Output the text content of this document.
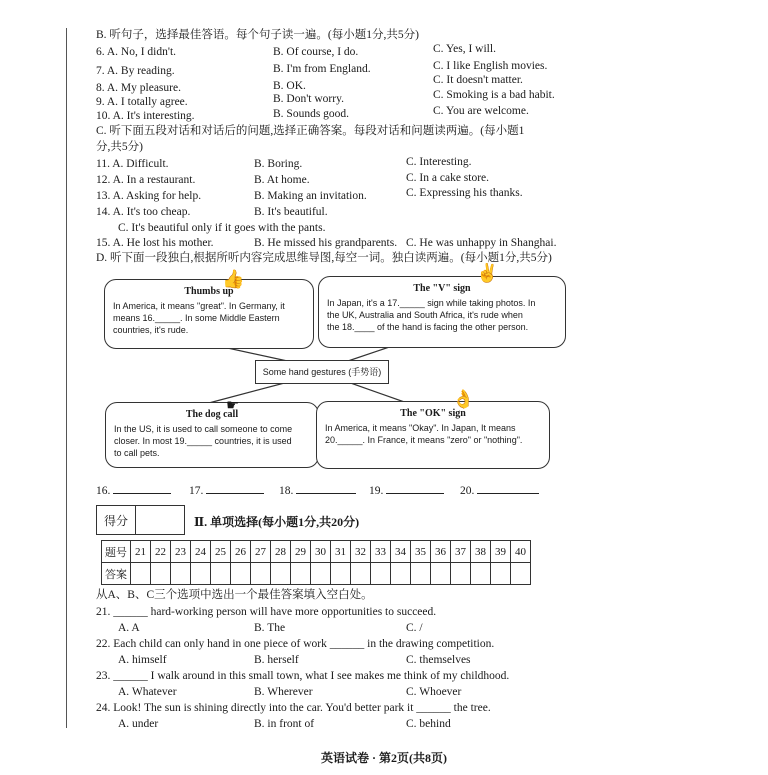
B. 听句子，选择最佳答语。每个句子读一遍。(每小题1分,共5分)
6. A. No, I didn't.	B. Of course, I do.	C. Yes, I will.
7. A. By reading.	B. I'm from England.	C. I like English movies.
8. A. My pleasure.	B. OK.	C. It doesn't matter.
9. A. I totally agree.	B. Don't worry.	C. Smoking is a bad habit.
10. A. It's interesting.	B. Sounds good.	C. You are welcome.
C. 听下面五段对话和对话后的问题,选择正确答案。每段对话和问题读两遍。(每小题1
分,共5分)
11. A. Difficult.	B. Boring.	C. Interesting.
12. A. In a restaurant.	B. At home.	C. In a cake store.
13. A. Asking for help.	B. Making an invitation.	C. Expressing his thanks.
14. A. It's too cheap.	B. It's beautiful.
C. It's beautiful only if it goes with the pants.
15. A. He lost his mother.	B. He missed his grandparents. C. He was unhappy in Shanghai.
D. 听下面一段独白,根据所听内容完成思维导图,每空一词。独白读两遍。(每小题1分,共5分)
Thumbs up
In America, it means "great". In Germany, it
means 16._____. In some Middle Eastern
countries, it's rude.
👍	The "V" sign
In Japan, it's a 17._____ sign while taking photos. In
the UK, Australia and South Africa, it's rude when
the 18.____ of the hand is facing the other person.
✌
Some hand gestures (手势语)
The dog call
In the US, it is used to call someone to come
closer. In most 19._____ countries, it is used
to call pets.
☛	The "OK" sign
In America, it means "Okay". In Japan, It means
20._____. In France, it means "zero" or "nothing".
👌
16.	17.	18.	19.	20.
得分		Ⅱ. 单项选择(每小题1分,共20分)
题号	21	22	23	24	25	26	27	28	29	30	31	32	33	34	35	36	37	38	39	40
答案																				
从A、B、C三个选项中选出一个最佳答案填入空白处。
21. ______ hard-working person will have more opportunities to succeed.
A. A	B. The	C. /
22. Each child can only hand in one piece of work ______ in the drawing competition.
A. himself	B. herself	C. themselves
23. ______ I walk around in this small town, what I see makes me think of my childhood.
A. Whatever	B. Wherever	C. Whoever
24. Look! The sun is shining directly into the car. You'd better park it ______ the tree.
A. under	B. in front of	C. behind
英语试卷 · 第2页(共8页)
